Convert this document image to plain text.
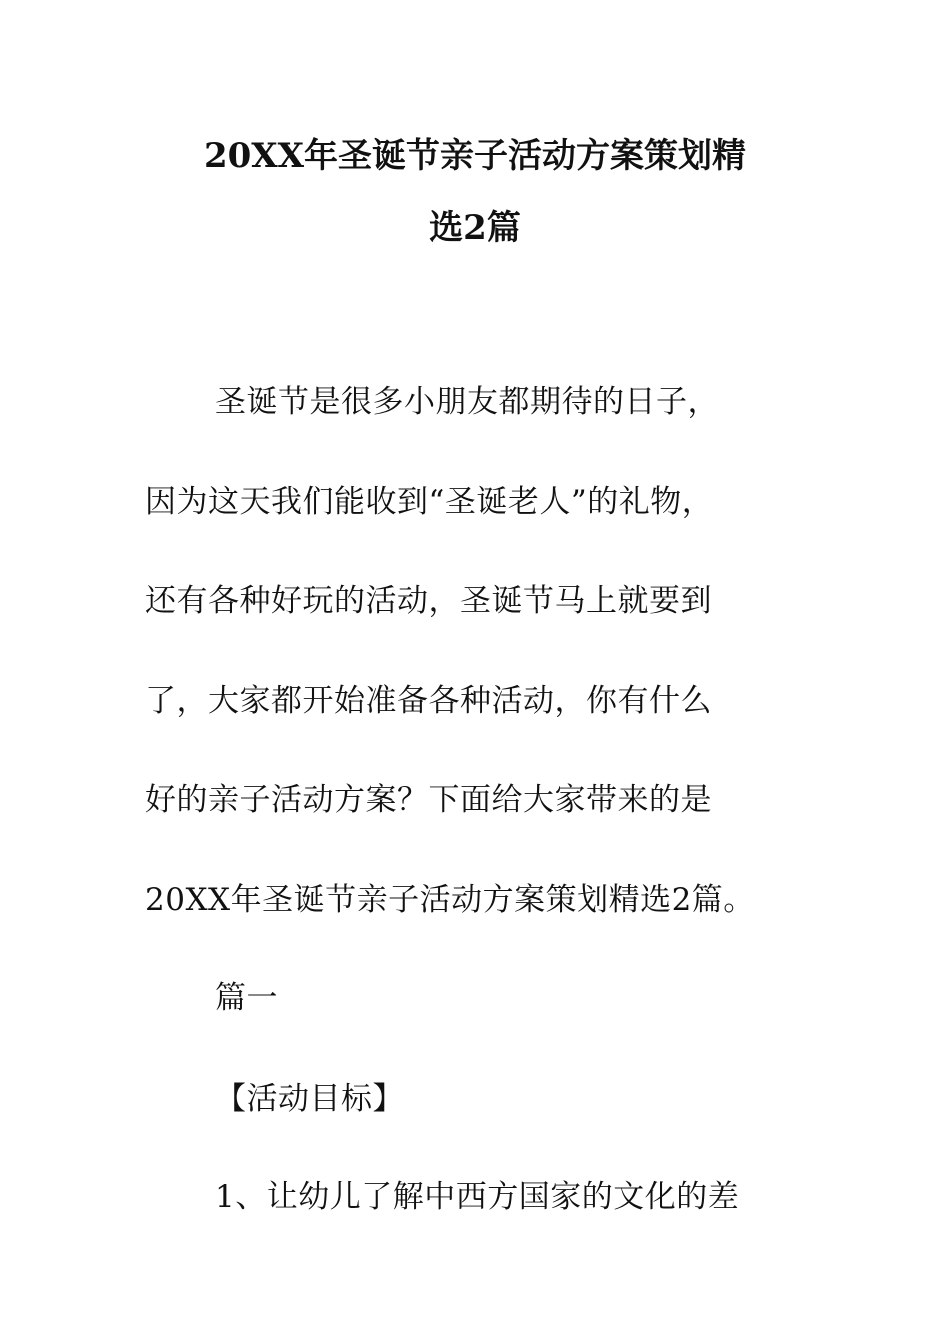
20XX年圣诞节亲子活动方案策划精
选2篇
圣诞节是很多小朋友都期待的日子，
因为这天我们能收到“圣诞老人”的礼物，
还有各种好玩的活动，圣诞节马上就要到
了，大家都开始准备各种活动，你有什么
好的亲子活动方案？下面给大家带来的是
20XX年圣诞节亲子活动方案策划精选2篇。
篇一
【活动目标】
1、让幼儿了解中西方国家的文化的差
